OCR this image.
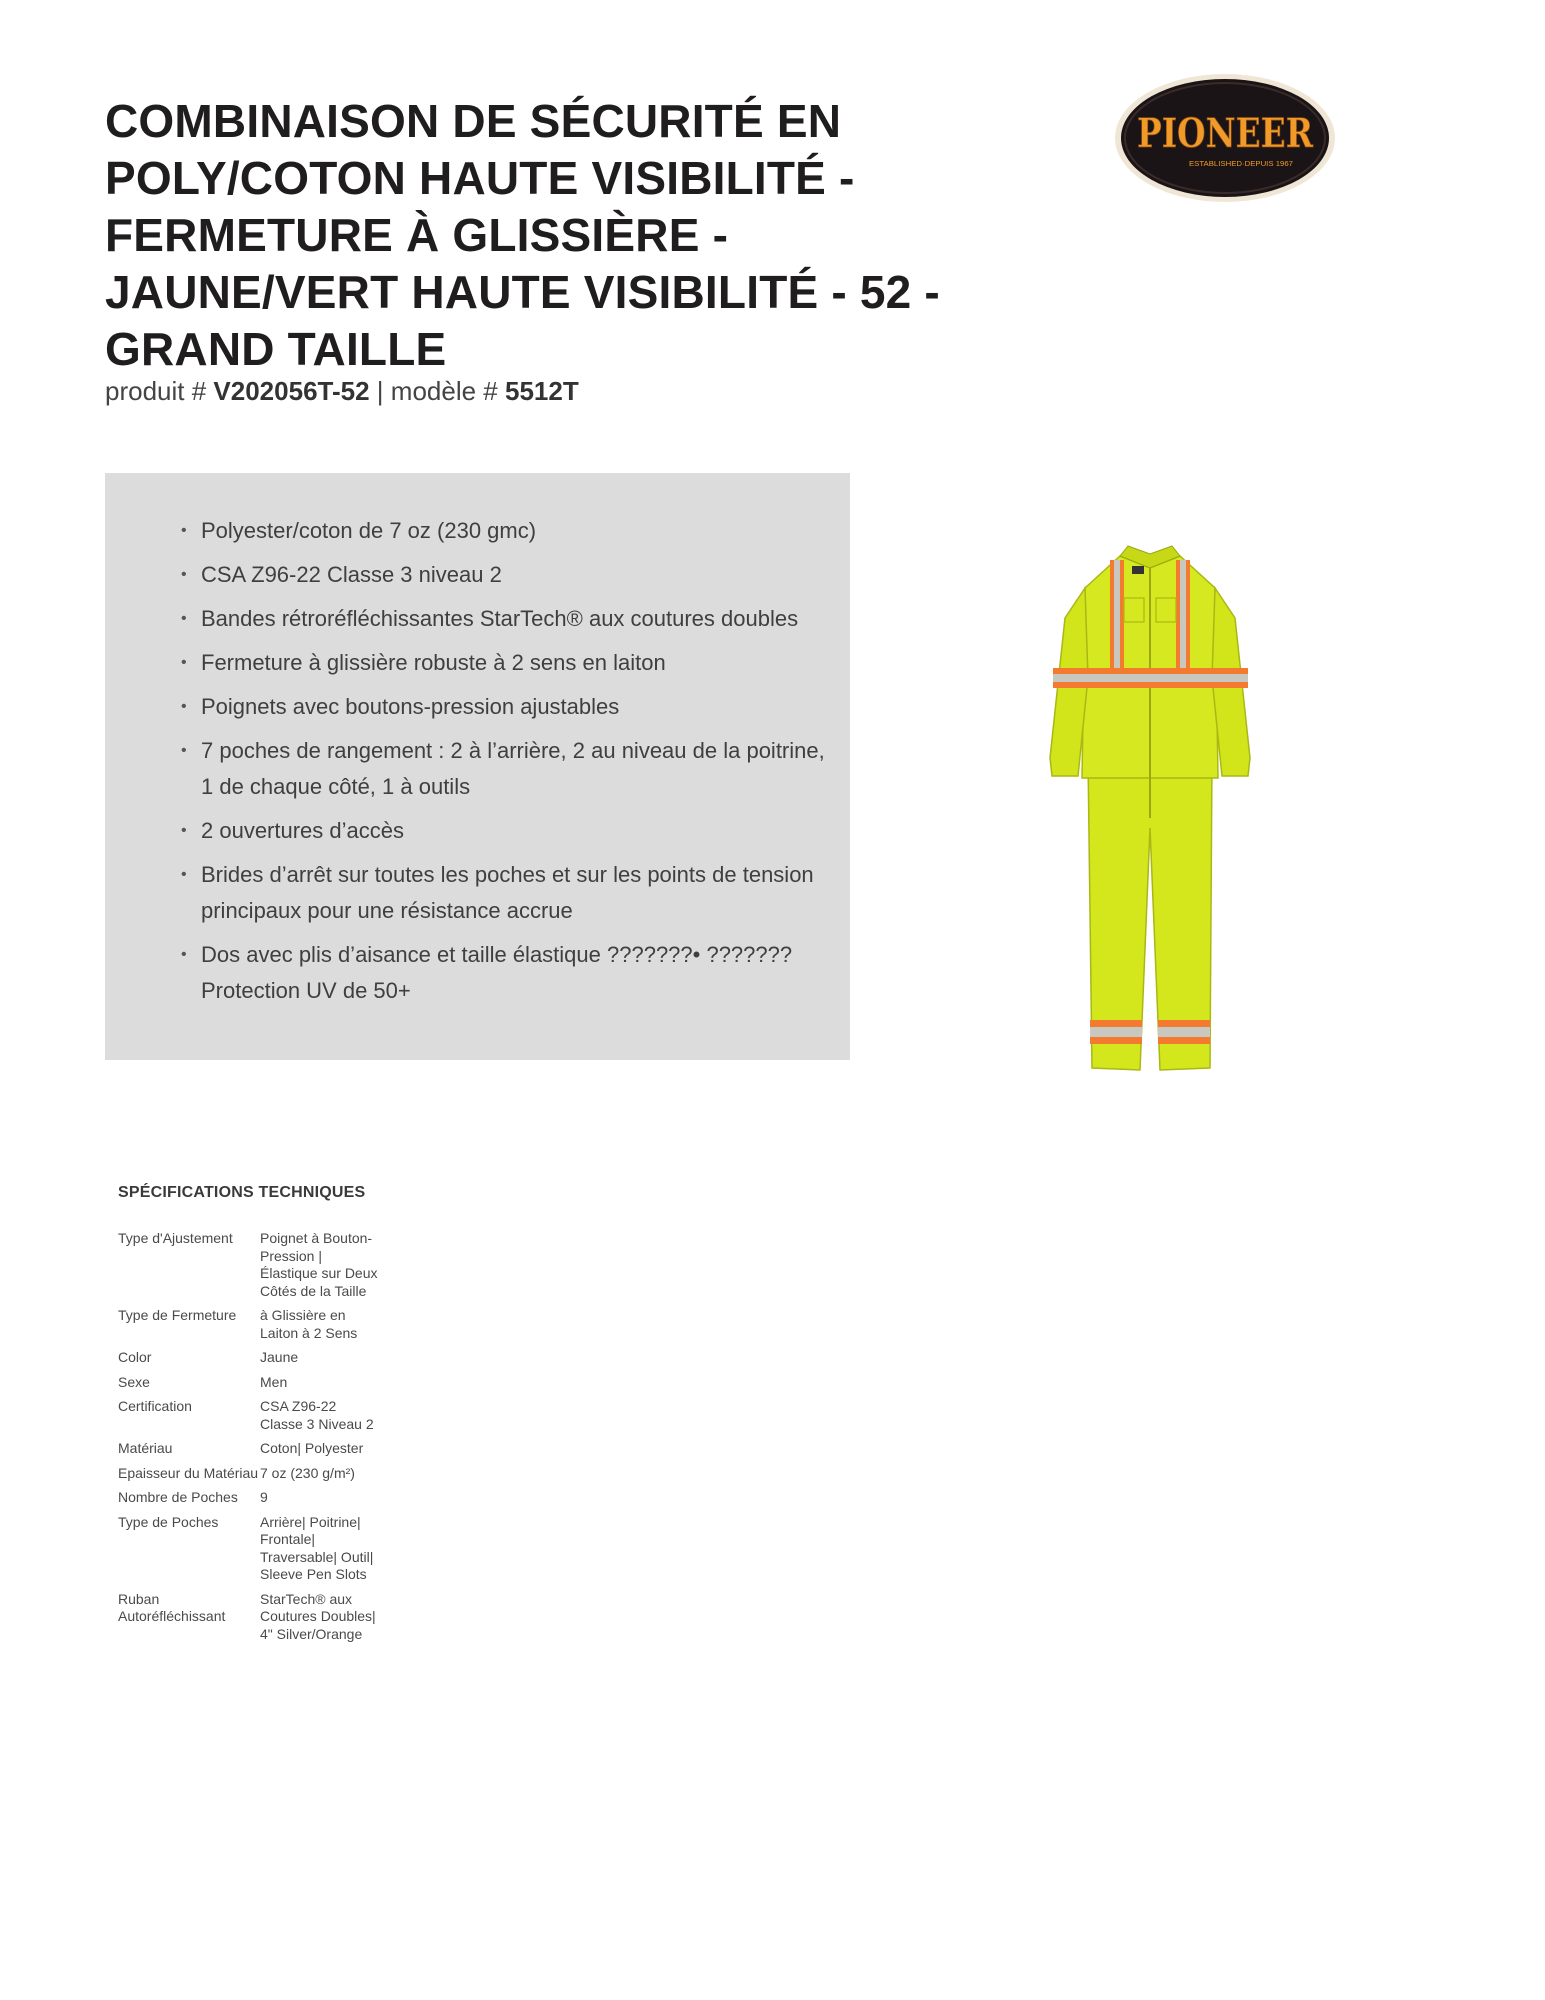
COMBINAISON DE SÉCURITÉ EN POLY/COTON HAUTE VISIBILITÉ - FERMETURE À GLISSIÈRE - JAUNE/VERT HAUTE VISIBILITÉ - 52 - GRAND TAILLE

produit # V202056T-52 | modèle # 5512T

PIONEER
ESTABLISHED·DEPUIS 1967
• Polyester/coton de 7 oz (230 gmc)
• CSA Z96-22 Classe 3 niveau 2
• Bandes rétroréfléchissantes StarTech® aux coutures doubles
• Fermeture à glissière robuste à 2 sens en laiton
• Poignets avec boutons-pression ajustables
• 7 poches de rangement : 2 à l’arrière, 2 au niveau de la poitrine, 1 de chaque côté, 1 à outils
• 2 ouvertures d’accès
• Brides d’arrêt sur toutes les poches et sur les points de tension principaux pour une résistance accrue
• Dos avec plis d’aisance et taille élastique ???????• ???????Protection UV de 50+
SPÉCIFICATIONS TECHNIQUES
Type d'Ajustement	Poignet à Bouton-Pression | Élastique sur Deux Côtés de la Taille
Type de Fermeture	à Glissière en Laiton à 2 Sens
Color	Jaune
Sexe	Men
Certification	CSA Z96-22 Classe 3 Niveau 2
Matériau	Coton| Polyester
Epaisseur du Matériau	7 oz (230 g/m²)
Nombre de Poches	9
Type de Poches	Arrière| Poitrine| Frontale| Traversable| Outil| Sleeve Pen Slots
Ruban Autoréfléchissant	StarTech® aux Coutures Doubles| 4" Silver/Orange
